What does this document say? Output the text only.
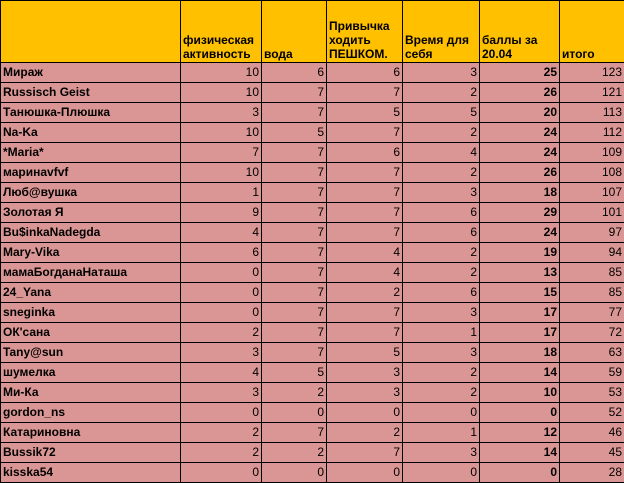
	физическая активность	вода	Привычка ходить ПЕШКОМ.	Время для себя	баллы за 20.04	итого
Мираж	10	6	6	3	25	123
Russisch Geist	10	7	7	2	26	121
Танюшка-Плюшка	3	7	5	5	20	113
Na-Ka	10	5	7	2	24	112
*Maria*	7	7	6	4	24	109
маринаvfvf	10	7	7	2	26	108
Люб@вушка	1	7	7	3	18	107
Золотая Я	9	7	7	6	29	101
Bu$inkaNadegda	4	7	7	6	24	97
Mary-Vika	6	7	4	2	19	94
мамаБогданаНаташа	0	7	4	2	13	85
24_Yana	0	7	2	6	15	85
sneginka	0	7	7	3	17	77
ОК'сана	2	7	7	1	17	72
Tany@sun	3	7	5	3	18	63
шумелка	4	5	3	2	14	59
Ми-Ка	3	2	3	2	10	53
gordon_ns	0	0	0	0	0	52
Катариновна	2	7	2	1	12	46
Bussik72	2	2	7	3	14	45
kisska54	0	0	0	0	0	28
